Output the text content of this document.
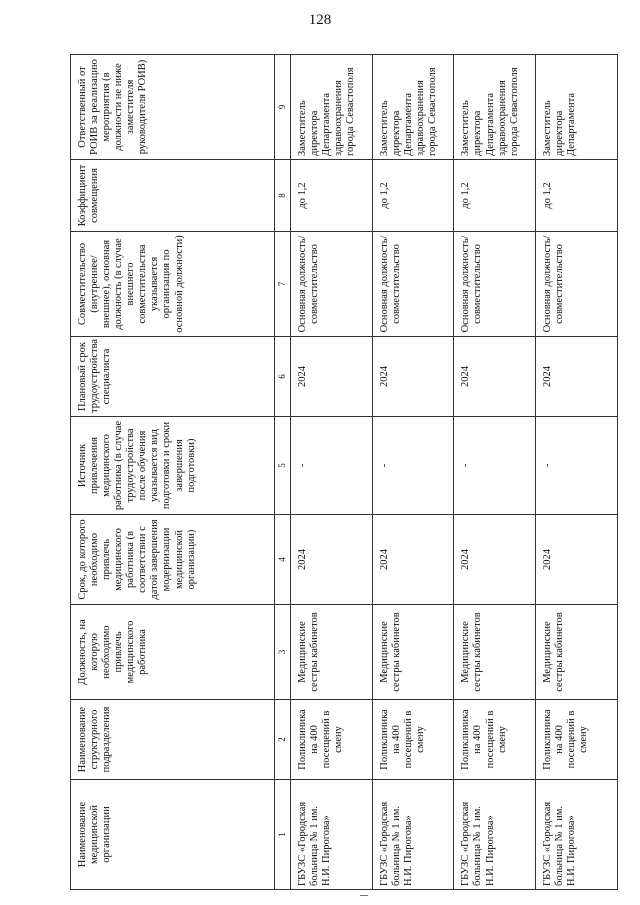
128
Наименование медицинской организации	Наименование структурного подразделения	Должность, на которую необходимо привлечь медицинского работника	Срок, до которого необходимо привлечь медицинского работника (в соответствии с датой завершения модернизации медицинской организации)	Источник привлечения медицинского работника (в случае трудоустройства после обучения указывается вид подготовки и сроки завершения подготовки)	Плановый срок трудоустройства специалиста	Совместительство (внутреннее/внешнее), основная должность (в случае внешнего совместительства указывается организация по основной должности)	Коэффициент совмещения	Ответственный от РОИВ за реализацию мероприятия (в должности не ниже заместителя руководителя РОИВ)
1	2	3	4	5	6	7	8	9
ГБУЗС «Городская больница № 1 им. Н.И. Пирогова»	Поликлиника на 400 посещений в смену	Медицинские сестры кабинетов	2024	-	2024	Основная должность/ совместительство	до 1,2	Заместитель директора Департамента здравоохранения города Севастополя
ГБУЗС «Городская больница № 1 им. Н.И. Пирогова»	Поликлиника на 400 посещений в смену	Медицинские сестры кабинетов	2024	-	2024	Основная должность/ совместительство	до 1,2	Заместитель директора Департамента здравоохранения города Севастополя
ГБУЗС «Городская больница № 1 им. Н.И. Пирогова»	Поликлиника на 400 посещений в смену	Медицинские сестры кабинетов	2024	-	2024	Основная должность/ совместительство	до 1,2	Заместитель директора Департамента здравоохранения города Севастополя
ГБУЗС «Городская больница № 1 им. Н.И. Пирогова»	Поликлиника на 400 посещений в смену	Медицинские сестры кабинетов	2024	-	2024	Основная должность/ совместительство	до 1,2	Заместитель директора Департамента
